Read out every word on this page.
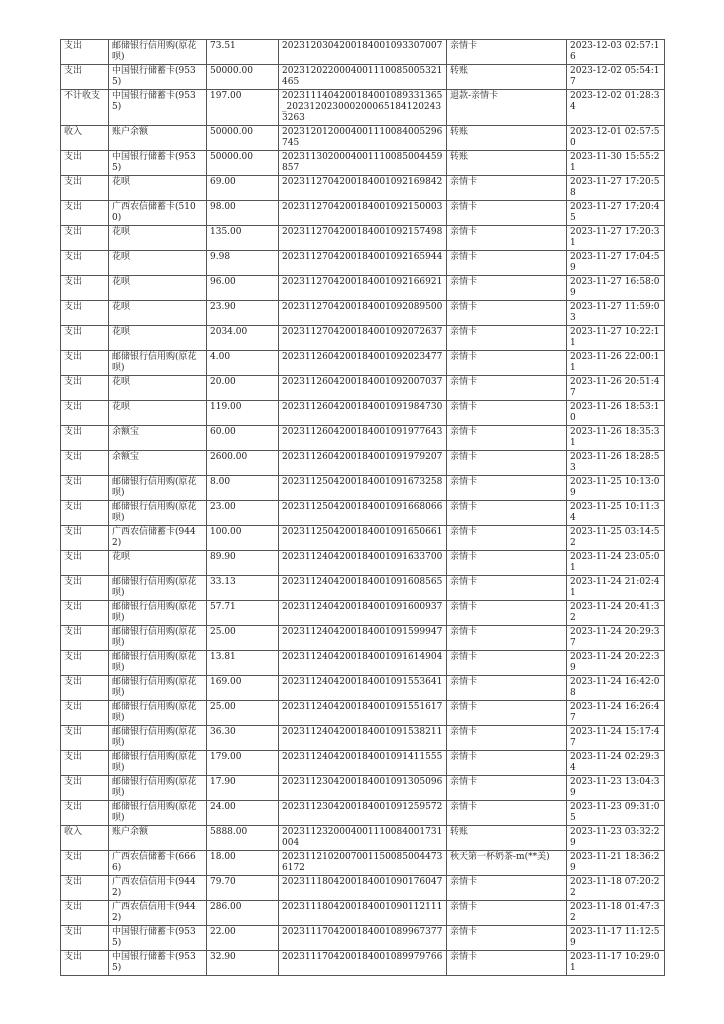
支出	邮储银行信用购(原花呗)	73.51	2023120304200184001093307007	亲情卡	2023-12-03 02:57:16
支出	中国银行储蓄卡(9535)	50000.00	2023120220004001110085005321465	转账	2023-12-02 05:54:17
不计收支	中国银行储蓄卡(9535)	197.00	2023111404200184001089331365_202312023000200065184120243326​3	退款-亲情卡	2023-12-02 01:28:34
收入	账户余额	50000.00	2023120120004001110084005296745	转账	2023-12-01 02:57:50
支出	中国银行储蓄卡(9535)	50000.00	2023113020004001110085004459857	转账	2023-11-30 15:55:21
支出	花呗	69.00	2023112704200184001092169842	亲情卡	2023-11-27 17:20:58
支出	广西农信储蓄卡(5100)	98.00	2023112704200184001092150003	亲情卡	2023-11-27 17:20:45
支出	花呗	135.00	2023112704200184001092157498	亲情卡	2023-11-27 17:20:31
支出	花呗	9.98	2023112704200184001092165944	亲情卡	2023-11-27 17:04:59
支出	花呗	96.00	2023112704200184001092166921	亲情卡	2023-11-27 16:58:09
支出	花呗	23.90	2023112704200184001092089500	亲情卡	2023-11-27 11:59:03
支出	花呗	2034.00	2023112704200184001092072637	亲情卡	2023-11-27 10:22:11
支出	邮储银行信用购(原花呗)	4.00	2023112604200184001092023477	亲情卡	2023-11-26 22:00:11
支出	花呗	20.00	2023112604200184001092007037	亲情卡	2023-11-26 20:51:47
支出	花呗	119.00	2023112604200184001091984730	亲情卡	2023-11-26 18:53:10
支出	余额宝	60.00	2023112604200184001091977643	亲情卡	2023-11-26 18:35:31
支出	余额宝	2600.00	2023112604200184001091979207	亲情卡	2023-11-26 18:28:53
支出	邮储银行信用购(原花呗)	8.00	2023112504200184001091673258	亲情卡	2023-11-25 10:13:09
支出	邮储银行信用购(原花呗)	23.00	2023112504200184001091668066	亲情卡	2023-11-25 10:11:34
支出	广西农信储蓄卡(9442)	100.00	2023112504200184001091650661	亲情卡	2023-11-25 03:14:52
支出	花呗	89.90	2023112404200184001091633700	亲情卡	2023-11-24 23:05:01
支出	邮储银行信用购(原花呗)	33.13	2023112404200184001091608565	亲情卡	2023-11-24 21:02:41
支出	邮储银行信用购(原花呗)	57.71	2023112404200184001091600937	亲情卡	2023-11-24 20:41:32
支出	邮储银行信用购(原花呗)	25.00	2023112404200184001091599947	亲情卡	2023-11-24 20:29:37
支出	邮储银行信用购(原花呗)	13.81	2023112404200184001091614904	亲情卡	2023-11-24 20:22:39
支出	邮储银行信用购(原花呗)	169.00	2023112404200184001091553641	亲情卡	2023-11-24 16:42:08
支出	邮储银行信用购(原花呗)	25.00	2023112404200184001091551617	亲情卡	2023-11-24 16:26:47
支出	邮储银行信用购(原花呗)	36.30	2023112404200184001091538211	亲情卡	2023-11-24 15:17:47
支出	邮储银行信用购(原花呗)	179.00	2023112404200184001091411555	亲情卡	2023-11-24 02:29:34
支出	邮储银行信用购(原花呗)	17.90	2023112304200184001091305096	亲情卡	2023-11-23 13:04:39
支出	邮储银行信用购(原花呗)	24.00	2023112304200184001091259572	亲情卡	2023-11-23 09:31:05
收入	账户余额	5888.00	2023112320004001110084001731004	转账	2023-11-23 03:32:29
支出	广西农信储蓄卡(6666)	18.00	2023112102007001150085004473617​2	秋天第一杯奶茶-m(**美)	2023-11-21 18:36:29
支出	广西农信信用卡(9442)	79.70	2023111804200184001090176047	亲情卡	2023-11-18 07:20:22
支出	广西农信信用卡(9442)	286.00	2023111804200184001090112111	亲情卡	2023-11-18 01:47:32
支出	中国银行储蓄卡(9535)	22.00	2023111704200184001089967377	亲情卡	2023-11-17 11:12:59
支出	中国银行储蓄卡(9535)	32.90	2023111704200184001089979766	亲情卡	2023-11-17 10:29:01
